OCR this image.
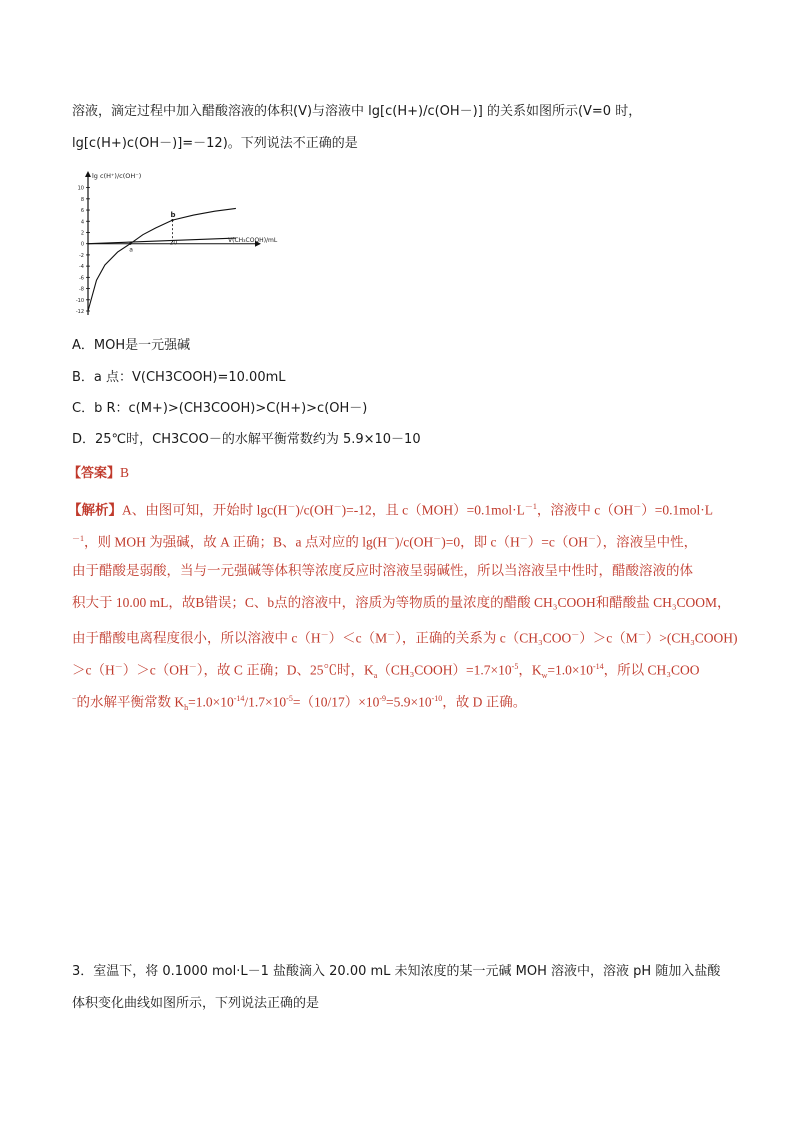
溶液，滴定过程中加入醋酸溶液的体积(V)与溶液中 lg[c(H+)/c(OH－)] 的关系如图所示(V=0 时，
lg[c(H+)c(OH－)]=－12)。下列说法不正确的是
lg c(H⁺)/c(OH⁻)
10
8
6
4
2
0
-2
-4
-6
-8
-10
-12
V(CH₃COOH)/mL
a
20
b
A．MOH是一元强碱
B．a 点：V(CH3COOH)=10.00mL
C．b R：c(M+)>(CH3COOH)>C(H+)>c(OH－)
D．25℃时，CH3COO－的水解平衡常数约为 5.9×10－10
【答案】B
【解析】A、由图可知，开始时 lgc(H－)/c(OH－)=-12，且 $c(MOH)=0.1mol\cdot L^{-1}$，溶液中 c（OH－）=0.1mol·L
$^{-1}$，则 MOH 为强碱，故 A 正确；B、a 点对应的 lg(H－)/c(OH－)=0，即 c（H－）=c（OH－），溶液呈中性，
由于醋酸是弱酸，当与一元强碱等体积等浓度反应时溶液呈弱碱性，所以当溶液呈中性时，醋酸溶液的体
积大于 10.00 mL，故B错误；C、b点的溶液中，溶质为等物质的量浓度的醋酸 CH₃COOH和醋酸盐 CH₃COOM，
由于醋酸电离程度很小，所以溶液中 c（H－）＜c（M－），正确的关系为 c（CH₃COO－）＞c（M－）>(CH₃COOH)
＞c（H－）＞c（OH－），故 C 正确；D、25℃时，$K_a(CH_3COOH)=1.7\times 10^{-5}$，$K_w=1.0\times 10^{-14}$，所以 CH₃COO
−的水解平衡常数 $K_h=1.0\times 10^{-14}/1.7\times 10^{-5}=(10/17)\times 10^{-9}=5.9\times 10^{-10}$，故 D 正确。
3．室温下，将 0.1000 mol·L－1 盐酸滴入 20.00 mL 未知浓度的某一元碱 MOH 溶液中，溶液 pH 随加入盐酸
体积变化曲线如图所示，下列说法正确的是
